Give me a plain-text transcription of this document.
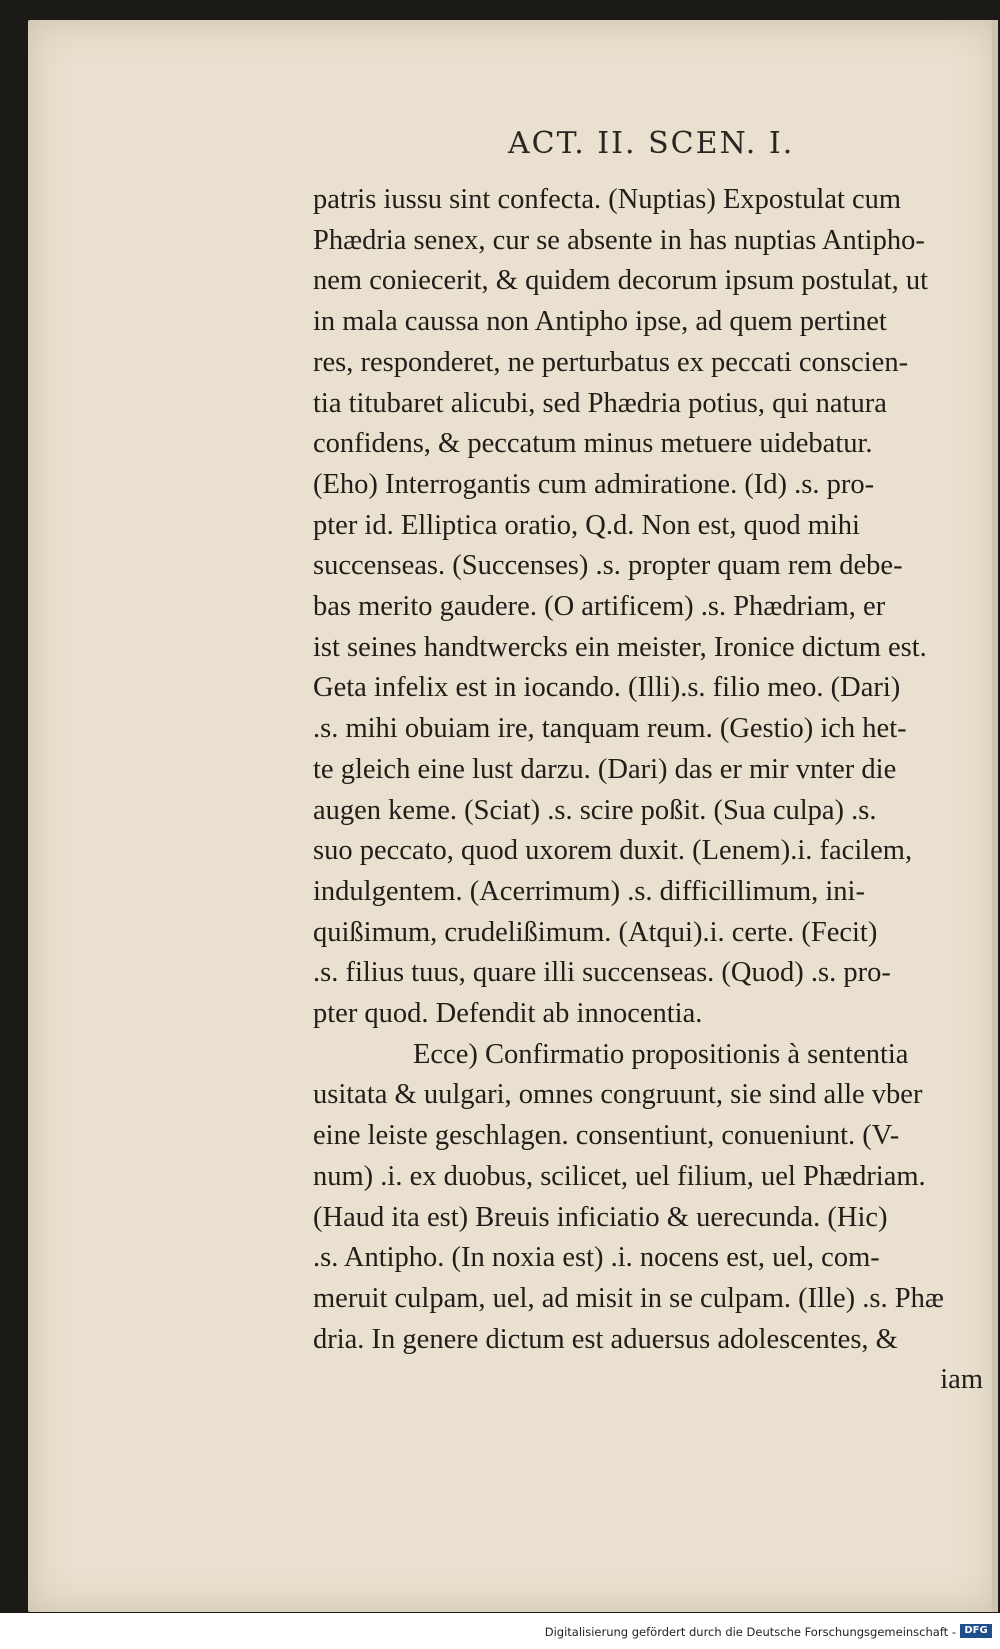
ACT. II. SCEN. I.
patris iussu sint confecta. (Nuptias) Expostulat cum
Phædria senex, cur se absente in has nuptias Antipho-
nem coniecerit, & quidem decorum ipsum postulat, ut
in mala caussa non Antipho ipse, ad quem pertinet
res, responderet, ne perturbatus ex peccati conscien-
tia titubaret alicubi, sed Phædria potius, qui natura
confidens, & peccatum minus metuere uidebatur.
(Eho) Interrogantis cum admiratione. (Id) .s. pro-
pter id. Elliptica oratio, Q.d. Non est, quod mihi
succenseas. (Succenses) .s. propter quam rem debe-
bas merito gaudere. (O artificem) .s. Phædriam, er
ist seines handtwercks ein meister, Ironice dictum est.
Geta infelix est in iocando. (Illi).s. filio meo. (Dari)
.s. mihi obuiam ire, tanquam reum. (Gestio) ich het-
te gleich eine lust darzu. (Dari) das er mir vnter die
augen keme. (Sciat) .s. scire poßit. (Sua culpa) .s.
suo peccato, quod uxorem duxit. (Lenem).i. facilem,
indulgentem. (Acerrimum) .s. difficillimum, ini-
quißimum, crudelißimum. (Atqui).i. certe. (Fecit)
.s. filius tuus, quare illi succenseas. (Quod) .s. pro-
pter quod. Defendit ab innocentia.
Ecce) Confirmatio propositionis à sententia
usitata & uulgari, omnes congruunt, sie sind alle vber
eine leiste geschlagen. consentiunt, conueniunt. (V-
num) .i. ex duobus, scilicet, uel filium, uel Phædriam.
(Haud ita est) Breuis inficiatio & uerecunda. (Hic)
.s. Antipho. (In noxia est) .i. nocens est, uel, com-
meruit culpam, uel, ad misit in se culpam. (Ille) .s. Phæ
dria. In genere dictum est aduersus adolescentes, &
iam
Digitalisierung gefördert durch die Deutsche Forschungsgemeinschaft - DFG
